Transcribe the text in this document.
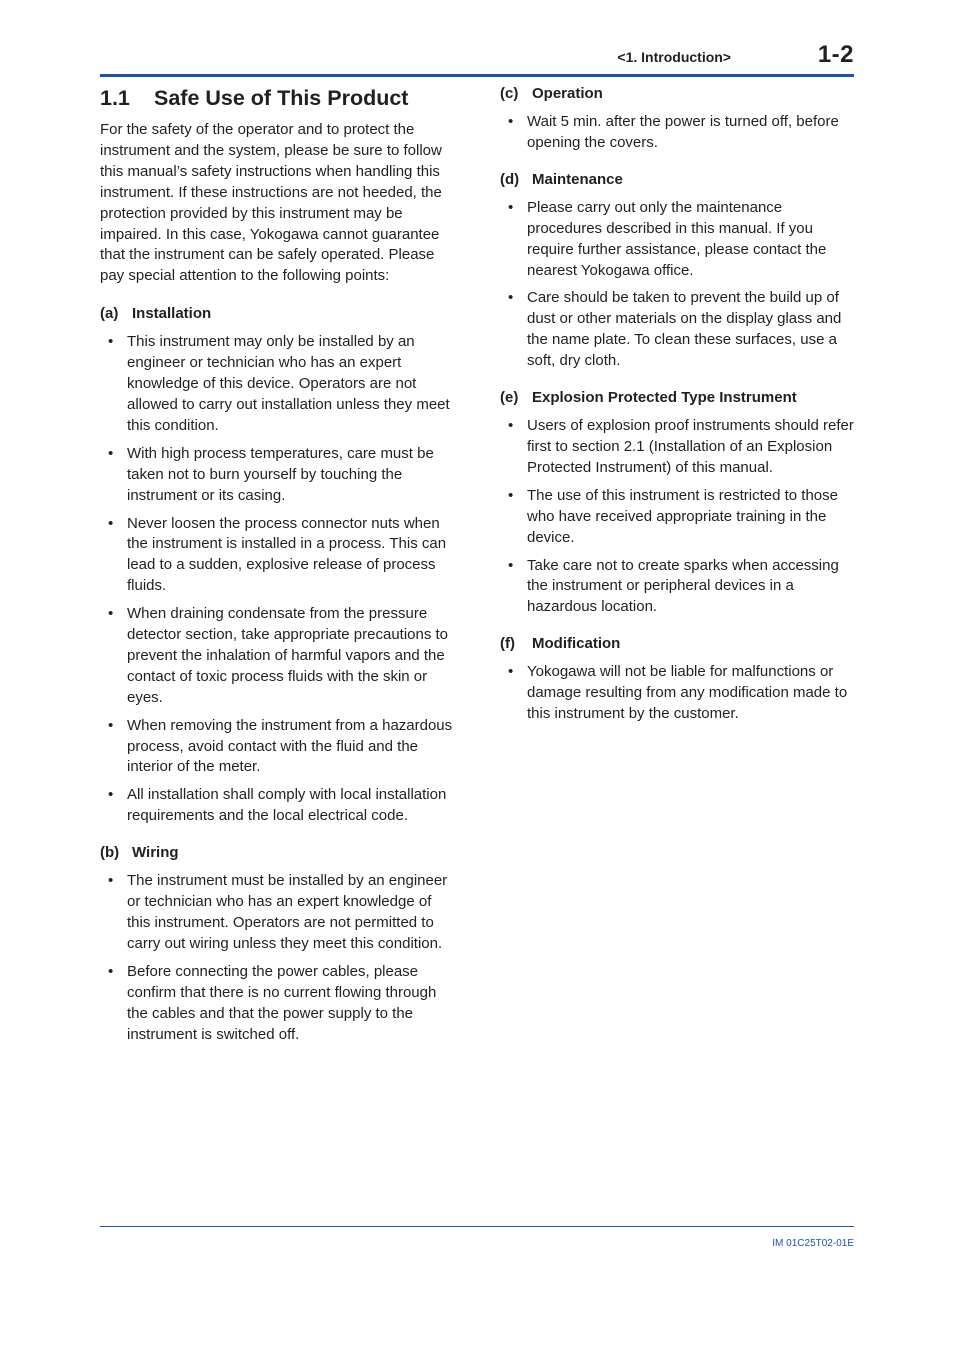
<1. Introduction>	1-2
1.1 Safe Use of This Product

For the safety of the operator and to protect the instrument and the system, please be sure to follow this manual’s safety instructions when handling this instrument. If these instructions are not heeded, the protection provided by this instrument may be impaired. In this case, Yokogawa cannot guarantee that the instrument can be safely operated. Please pay special attention to the following points:

(a) Installation
• This instrument may only be installed by an engineer or technician who has an expert knowledge of this device. Operators are not allowed to carry out installation unless they meet this condition.
• With high process temperatures, care must be taken not to burn yourself by touching the instrument or its casing.
• Never loosen the process connector nuts when the instrument is installed in a process. This can lead to a sudden, explosive release of process fluids.
• When draining condensate from the pressure detector section, take appropriate precautions to prevent the inhalation of harmful vapors and the contact of toxic process fluids with the skin or eyes.
• When removing the instrument from a hazardous process, avoid contact with the fluid and the interior of the meter.
• All installation shall comply with local installation requirements and the local electrical code.
(b) Wiring
• The instrument must be installed by an engineer or technician who has an expert knowledge of this instrument. Operators are not permitted to carry out wiring unless they meet this condition.
• Before connecting the power cables, please confirm that there is no current flowing through the cables and that the power supply to the instrument is switched off.
(c) Operation
• Wait 5 min. after the power is turned off, before opening the covers.
(d) Maintenance
• Please carry out only the maintenance procedures described in this manual. If you require further assistance, please contact the nearest Yokogawa office.
• Care should be taken to prevent the build up of dust or other materials on the display glass and the name plate. To clean these surfaces, use a soft, dry cloth.
(e) Explosion Protected Type Instrument
• Users of explosion proof instruments should refer first to section 2.1 (Installation of an Explosion Protected Instrument) of this manual.
• The use of this instrument is restricted to those who have received appropriate training in the device.
• Take care not to create sparks when accessing the instrument or peripheral devices in a hazardous location.
(f) Modification
• Yokogawa will not be liable for malfunctions or damage resulting from any modification made to this instrument by the customer.
IM 01C25T02-01E
